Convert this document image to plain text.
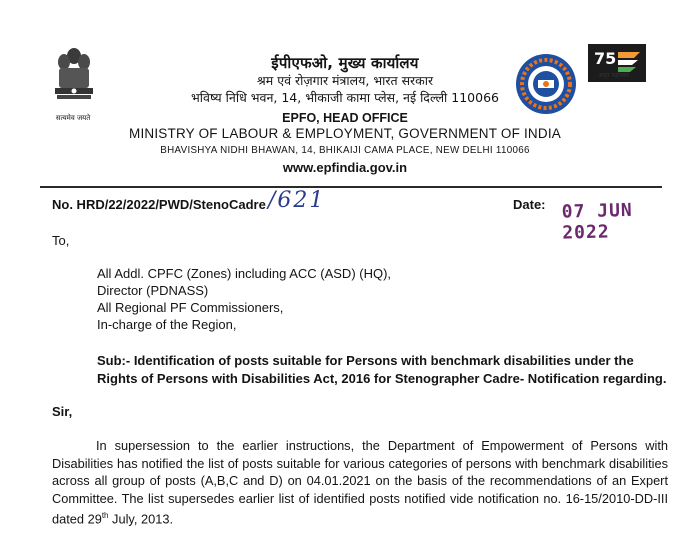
सत्यमेव जयते
ईपीएफओ, मुख्य कार्यालय
श्रम एवं रोज़गार मंत्रालय, भारत सरकार
भविष्य निधि भवन, 14, भीकाजी कामा प्लेस, नई दिल्ली 110066
EPFO, HEAD OFFICE
MINISTRY OF LABOUR & EMPLOYMENT, GOVERNMENT OF INDIA
BHAVISHYA NIDHI BHAWAN, 14, BHIKAIJI CAMA PLACE, NEW DELHI 110066
www.epfindia.gov.in
75
अमृत महोत्सव
No. HRD/22/2022/PWD/StenoCadre /621	Date: 07 JUN 2022
To,
All Addl. CPFC (Zones) including ACC (ASD) (HQ),
Director (PDNASS)
All Regional PF Commissioners,
In-charge of the Region,
Sub:- Identification of posts suitable for Persons with benchmark disabilities under the Rights of Persons with Disabilities Act, 2016 for Stenographer Cadre- Notification regarding.
Sir,
In supersession to the earlier instructions, the Department of Empowerment of Persons with Disabilities has notified the list of posts suitable for various categories of persons with benchmark disabilities across all group of posts (A,B,C and D) on 04.01.2021 on the basis of the recommendations of an Expert Committee. The list supersedes earlier list of identified posts notified vide notification no. 16-15/2010-DD-III dated 29th July, 2013.
